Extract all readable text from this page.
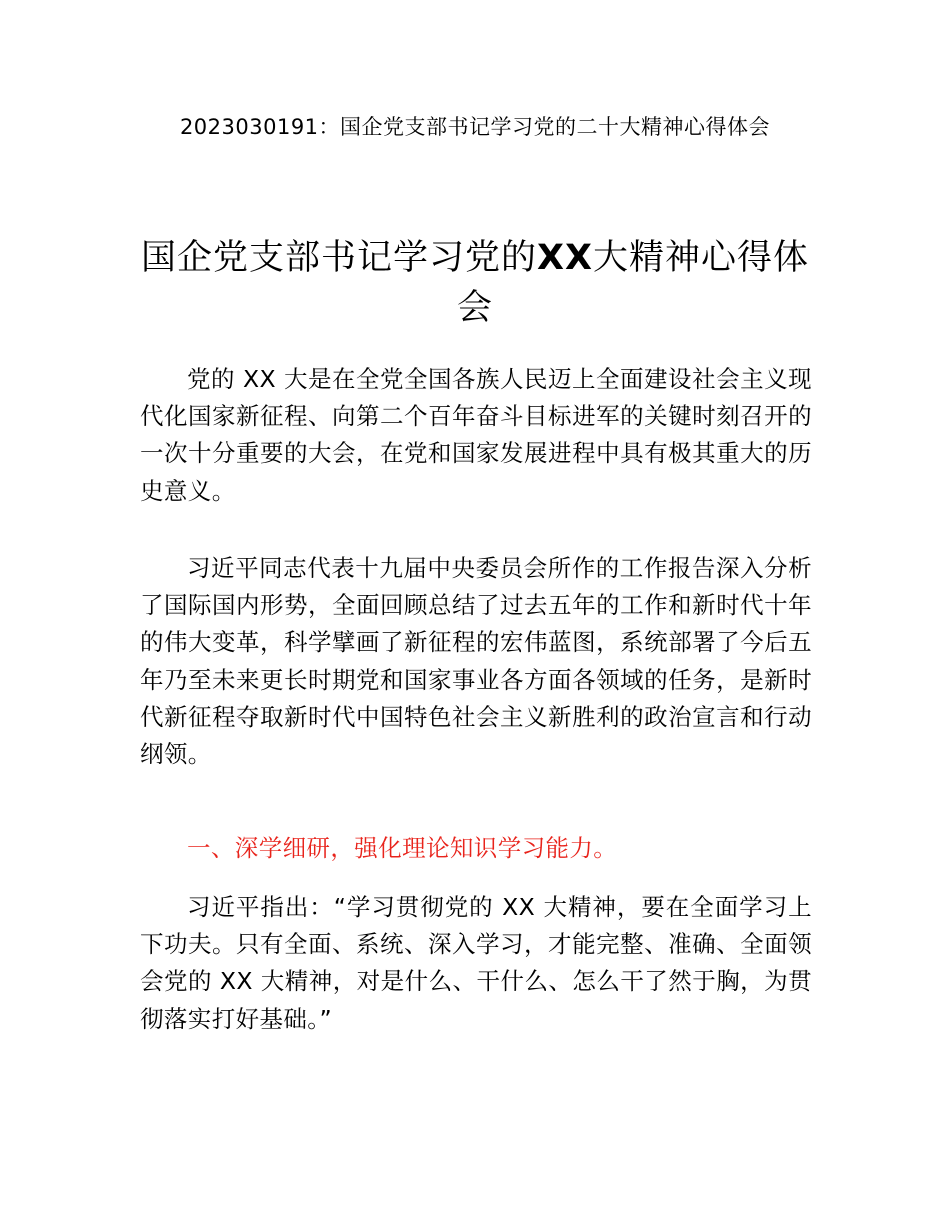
2023030191：国企党支部书记学习党的二十大精神心得体会
国企党支部书记学习党的XX大精神心得体会
党的 XX 大是在全党全国各族人民迈上全面建设社会主义现代化国家新征程、向第二个百年奋斗目标进军的关键时刻召开的一次十分重要的大会，在党和国家发展进程中具有极其重大的历史意义。
习近平同志代表十九届中央委员会所作的工作报告深入分析了国际国内形势，全面回顾总结了过去五年的工作和新时代十年的伟大变革，科学擘画了新征程的宏伟蓝图，系统部署了今后五年乃至未来更长时期党和国家事业各方面各领域的任务，是新时代新征程夺取新时代中国特色社会主义新胜利的政治宣言和行动纲领。
一、深学细研，强化理论知识学习能力。
习近平指出：“学习贯彻党的 XX 大精神，要在全面学习上下功夫。只有全面、系统、深入学习，才能完整、准确、全面领会党的 XX 大精神，对是什么、干什么、怎么干了然于胸，为贯彻落实打好基础。”
